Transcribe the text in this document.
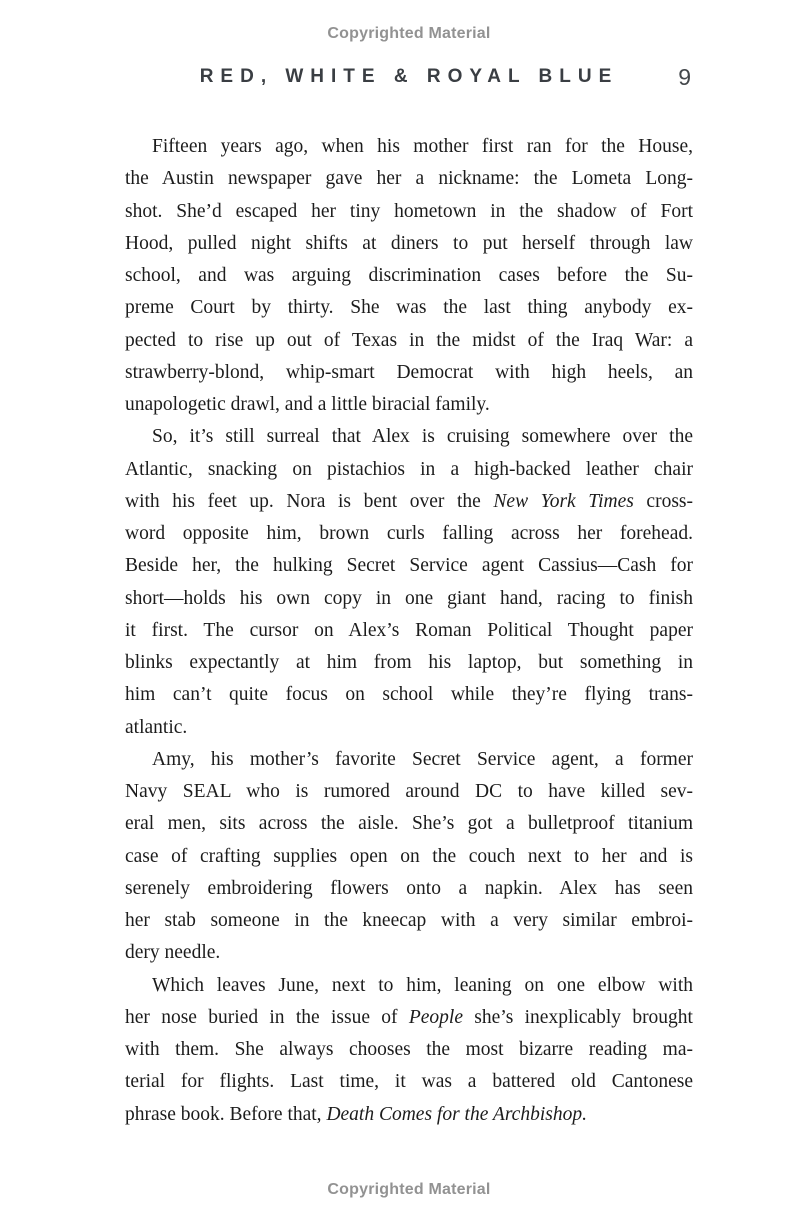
Copyrighted Material
RED, WHITE & ROYAL BLUE	9
Fifteen years ago, when his mother first ran for the House,
the Austin newspaper gave her a nickname: the Lometa Long-
shot. She’d escaped her tiny hometown in the shadow of Fort
Hood, pulled night shifts at diners to put herself through law
school, and was arguing discrimination cases before the Su-
preme Court by thirty. She was the last thing anybody ex-
pected to rise up out of Texas in the midst of the Iraq War: a
strawberry-blond, whip-smart Democrat with high heels, an
unapologetic drawl, and a little biracial family.
So, it’s still surreal that Alex is cruising somewhere over the
Atlantic, snacking on pistachios in a high-backed leather chair
with his feet up. Nora is bent over the New York Times cross-
word opposite him, brown curls falling across her forehead.
Beside her, the hulking Secret Service agent Cassius—Cash for
short—holds his own copy in one giant hand, racing to finish
it first. The cursor on Alex’s Roman Political Thought paper
blinks expectantly at him from his laptop, but something in
him can’t quite focus on school while they’re flying trans-
atlantic.
Amy, his mother’s favorite Secret Service agent, a former
Navy SEAL who is rumored around DC to have killed sev-
eral men, sits across the aisle. She’s got a bulletproof titanium
case of crafting supplies open on the couch next to her and is
serenely embroidering flowers onto a napkin. Alex has seen
her stab someone in the kneecap with a very similar embroi-
dery needle.
Which leaves June, next to him, leaning on one elbow with
her nose buried in the issue of People she’s inexplicably brought
with them. She always chooses the most bizarre reading ma-
terial for flights. Last time, it was a battered old Cantonese
phrase book. Before that, Death Comes for the Archbishop.
Copyrighted Material
